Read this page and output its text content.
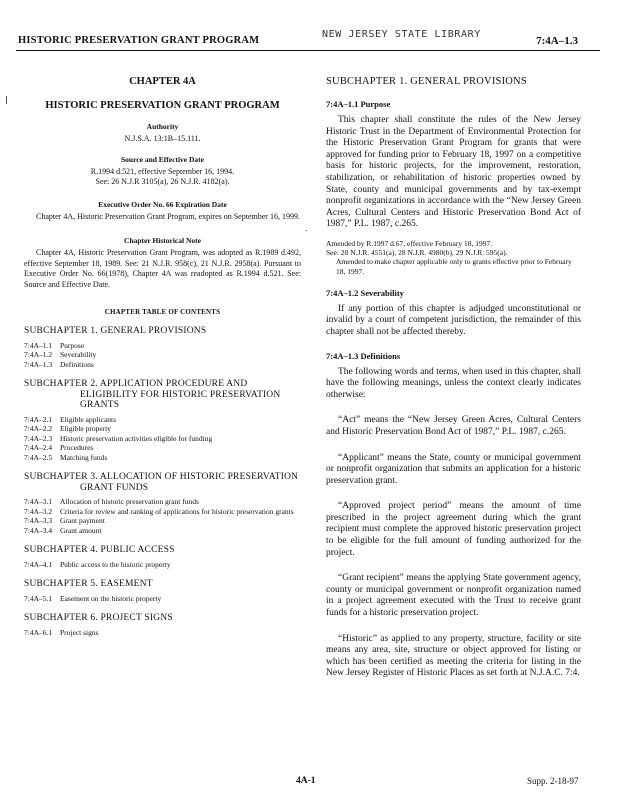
HISTORIC PRESERVATION GRANT PROGRAM
NEW JERSEY STATE LIBRARY
7:4A–1.3
CHAPTER 4A
HISTORIC PRESERVATION GRANT PROGRAM
Authority
N.J.S.A. 13:1B–15.111.
Source and Effective Date
R.1994 d.521, effective September 16, 1994.
See: 26 N.J.R 3105(a), 26 N.J.R. 4182(a).
Executive Order No. 66 Expiration Date
Chapter 4A, Historic Preservation Grant Program, expires on September 16, 1999.
Chapter Historical Note
Chapter 4A, Historic Preservation Grant Program, was adopted as R.1989 d.492, effective September 18, 1989. See: 21 N.J.R. 958(c), 21 N.J.R. 2958(a). Pursuant to Executive Order No. 66(1978), Chapter 4A was readopted as R.1994 d.521. See: Source and Effective Date.
CHAPTER TABLE OF CONTENTS
SUBCHAPTER 1. GENERAL PROVISIONS
7:4A–1.1	Purpose
7:4A–1.2	Severability
7:4A–1.3	Definitions
SUBCHAPTER 2. APPLICATION PROCEDURE AND ELIGIBILITY FOR HISTORIC PRESERVATION GRANTS
7:4A–2.1	Eligible applicants
7:4A–2.2	Eligible property
7:4A–2.3	Historic preservation activities eligible for funding
7:4A–2.4	Procedures
7:4A–2.5	Matching funds
SUBCHAPTER 3. ALLOCATION OF HISTORIC PRESERVATION GRANT FUNDS
7:4A–3.1	Allocation of historic preservation grant funds
7:4A–3.2	Criteria for review and ranking of applications for historic preservation grants
7:4A–3.3	Grant payment
7:4A–3.4	Grant amount
SUBCHAPTER 4. PUBLIC ACCESS
7:4A–4.1	Public access to the historic property
SUBCHAPTER 5. EASEMENT
7:4A–5.1	Easement on the historic property
SUBCHAPTER 6. PROJECT SIGNS
7:4A–6.1	Project signs
SUBCHAPTER 1. GENERAL PROVISIONS
7:4A–1.1 Purpose

This chapter shall constitute the rules of the New Jersey Historic Trust in the Department of Environmental Protection for the Historic Preservation Grant Program for grants that were approved for funding prior to February 18, 1997 on a competitive basis for historic projects, for the improvement, restoration, stabilization, or rehabilitation of historic properties owned by State, county and municipal governments and by tax-exempt nonprofit organizations in accordance with the “New Jersey Green Acres, Cultural Centers and Historic Preservation Bond Act of 1987,” P.L. 1987, c.265.

Amended by R.1997 d.67, effective February 18, 1997.

See: 28 N.J.R. 4551(a), 28 N.J.R. 4980(b), 29 N.J.R. 595(a).

Amended to make chapter applicable only to grants effective prior to February 18, 1997.

7:4A–1.2 Severability

If any portion of this chapter is adjudged unconstitutional or invalid by a court of competent jurisdiction, the remainder of this chapter shall not be affected thereby.

7:4A–1.3 Definitions

The following words and terms, when used in this chapter, shall have the following meanings, unless the context clearly indicates otherwise:

“Act” means the “New Jersey Green Acres, Cultural Centers and Historic Preservation Bond Act of 1987,” P.L. 1987, c.265.

“Applicant” means the State, county or municipal government or nonprofit organization that submits an application for a historic preservation grant.

“Approved project period” means the amount of time prescribed in the project agreement during which the grant recipient must complete the approved historic preservation project to be eligible for the full amount of funding authorized for the project.

“Grant recipient” means the applying State government agency, county or municipal government or nonprofit organization named in a project agreement executed with the Trust to receive grant funds for a historic preservation project.

“Historic” as applied to any property, structure, facility or site means any area, site, structure or object approved for listing or which has been certified as meeting the criteria for listing in the New Jersey Register of Historic Places as set forth at N.J.A.C. 7:4.

4A-1	Supp. 2-18-97
